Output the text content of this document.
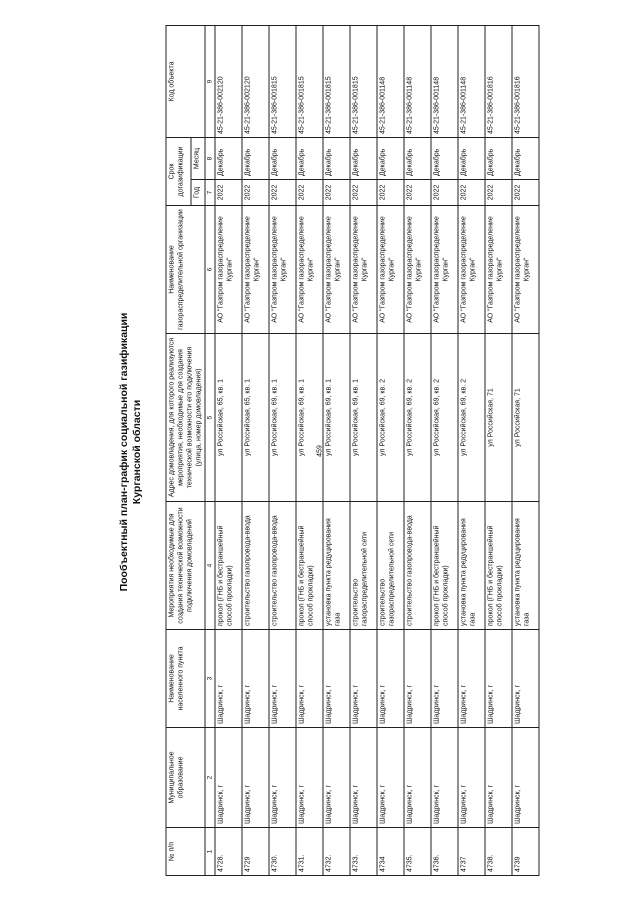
459
Пообъектный план-график социальной газификации Курганской области
№ п/п	Муниципальное образование	Наименование населенного пункта	Мероприятия необходимые для создания технической возможности подключения домовладений	Адрес домовладения, для которого реализуются мероприятия, необходимые для создания технической возможности его подключения (улица, номер домовладения)	Наименование газораспределительной организации	Срок догазификации		Код объекта
						Год	Месяц	
1	2	3	4	5	6	7	8	9
4728.	Шадринск, г	Шадринск, г	прокол (ГНБ и бестраншейный способ прокладки)	ул Российская, 65, кв. 1	АО "Газпром газораспределение Курган"	2022	Декабрь	45-21-386-002120
4729	Шадринск, г	Шадринск, г	строительство газопровода-ввода	ул Российская, 65, кв. 1	АО "Газпром газораспределение Курган"	2022	Декабрь	45-21-386-002120
4730.	Шадринск, г	Шадринск, г	строительство газопровода-ввода	ул Российская, 69, кв. 1	АО "Газпром газораспределение Курган"	2022	Декабрь	45-21-386-001815
4731.	Шадринск, г	Шадринск, г	прокол (ГНБ и бестраншейный способ прокладки)	ул Российская, 69, кв. 1	АО "Газпром газораспределение Курган"	2022	Декабрь	45-21-386-001815
4732.	Шадринск, г	Шадринск, г	установка пункта редуцирования газа	ул Российская, 69, кв. 1	АО "Газпром газораспределение Курган"	2022	Декабрь	45-21-386-001815
4733.	Шадринск, г	Шадринск, г	строительство газораспределительной сети	ул Российская, 69, кв. 1	АО "Газпром газораспределение Курган"	2022	Декабрь	45-21-386-001815
4734	Шадринск, г	Шадринск, г	строительство газораспределительной сети	ул Российская, 69, кв. 2	АО "Газпром газораспределение Курган"	2022	Декабрь	45-21-386-001148
4735.	Шадринск, г	Шадринск, г	строительство газопровода-ввода	ул Российская, 69, кв. 2	АО "Газпром газораспределение Курган"	2022	Декабрь	45-21-386-001148
4736.	Шадринск, г	Шадринск, г	прокол (ГНБ и бестраншейный способ прокладки)	ул Российская, 69, кв. 2	АО "Газпром газораспределение Курган"	2022	Декабрь	45-21-386-001148
4737	Шадринск, г	Шадринск, г	установка пункта редуцирования газа	ул Российская, 69, кв. 2	АО "Газпром газораспределение Курган"	2022	Декабрь	45-21-386-001148
4738.	Шадринск, г	Шадринск, г	прокол (ГНБ и бестраншейный способ прокладки)	ул Российская, 71	АО "Газпром газораспределение Курган"	2022	Декабрь	45-21-386-001816
4739	Шадринск, г	Шадринск, г	установка пункта редуцирования газа	ул Российская, 71	АО "Газпром газораспределение Курган"	2022	Декабрь	45-21-386-001816
